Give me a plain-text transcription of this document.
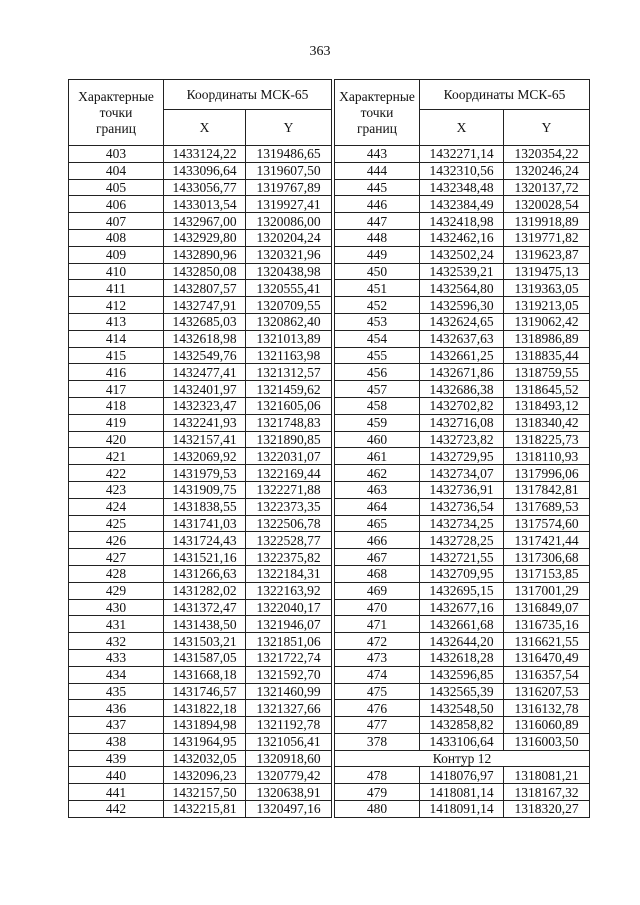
363
Характерные
точки
границ	Координаты МСК-65	
	X	Y
403	1433124,22	1319486,65
404	1433096,64	1319607,50
405	1433056,77	1319767,89
406	1433013,54	1319927,41
407	1432967,00	1320086,00
408	1432929,80	1320204,24
409	1432890,96	1320321,96
410	1432850,08	1320438,98
411	1432807,57	1320555,41
412	1432747,91	1320709,55
413	1432685,03	1320862,40
414	1432618,98	1321013,89
415	1432549,76	1321163,98
416	1432477,41	1321312,57
417	1432401,97	1321459,62
418	1432323,47	1321605,06
419	1432241,93	1321748,83
420	1432157,41	1321890,85
421	1432069,92	1322031,07
422	1431979,53	1322169,44
423	1431909,75	1322271,88
424	1431838,55	1322373,35
425	1431741,03	1322506,78
426	1431724,43	1322528,77
427	1431521,16	1322375,82
428	1431266,63	1322184,31
429	1431282,02	1322163,92
430	1431372,47	1322040,17
431	1431438,50	1321946,07
432	1431503,21	1321851,06
433	1431587,05	1321722,74
434	1431668,18	1321592,70
435	1431746,57	1321460,99
436	1431822,18	1321327,66
437	1431894,98	1321192,78
438	1431964,95	1321056,41
439	1432032,05	1320918,60
440	1432096,23	1320779,42
441	1432157,50	1320638,91
442	1432215,81	1320497,16
Характерные
точки
границ	Координаты МСК-65	
	X	Y
443	1432271,14	1320354,22
444	1432310,56	1320246,24
445	1432348,48	1320137,72
446	1432384,49	1320028,54
447	1432418,98	1319918,89
448	1432462,16	1319771,82
449	1432502,24	1319623,87
450	1432539,21	1319475,13
451	1432564,80	1319363,05
452	1432596,30	1319213,05
453	1432624,65	1319062,42
454	1432637,63	1318986,89
455	1432661,25	1318835,44
456	1432671,86	1318759,55
457	1432686,38	1318645,52
458	1432702,82	1318493,12
459	1432716,08	1318340,42
460	1432723,82	1318225,73
461	1432729,95	1318110,93
462	1432734,07	1317996,06
463	1432736,91	1317842,81
464	1432736,54	1317689,53
465	1432734,25	1317574,60
466	1432728,25	1317421,44
467	1432721,55	1317306,68
468	1432709,95	1317153,85
469	1432695,15	1317001,29
470	1432677,16	1316849,07
471	1432661,68	1316735,16
472	1432644,20	1316621,55
473	1432618,28	1316470,49
474	1432596,85	1316357,54
475	1432565,39	1316207,53
476	1432548,50	1316132,78
477	1432858,82	1316060,89
378	1433106,64	1316003,50
Контур 12		
478	1418076,97	1318081,21
479	1418081,14	1318167,32
480	1418091,14	1318320,27
